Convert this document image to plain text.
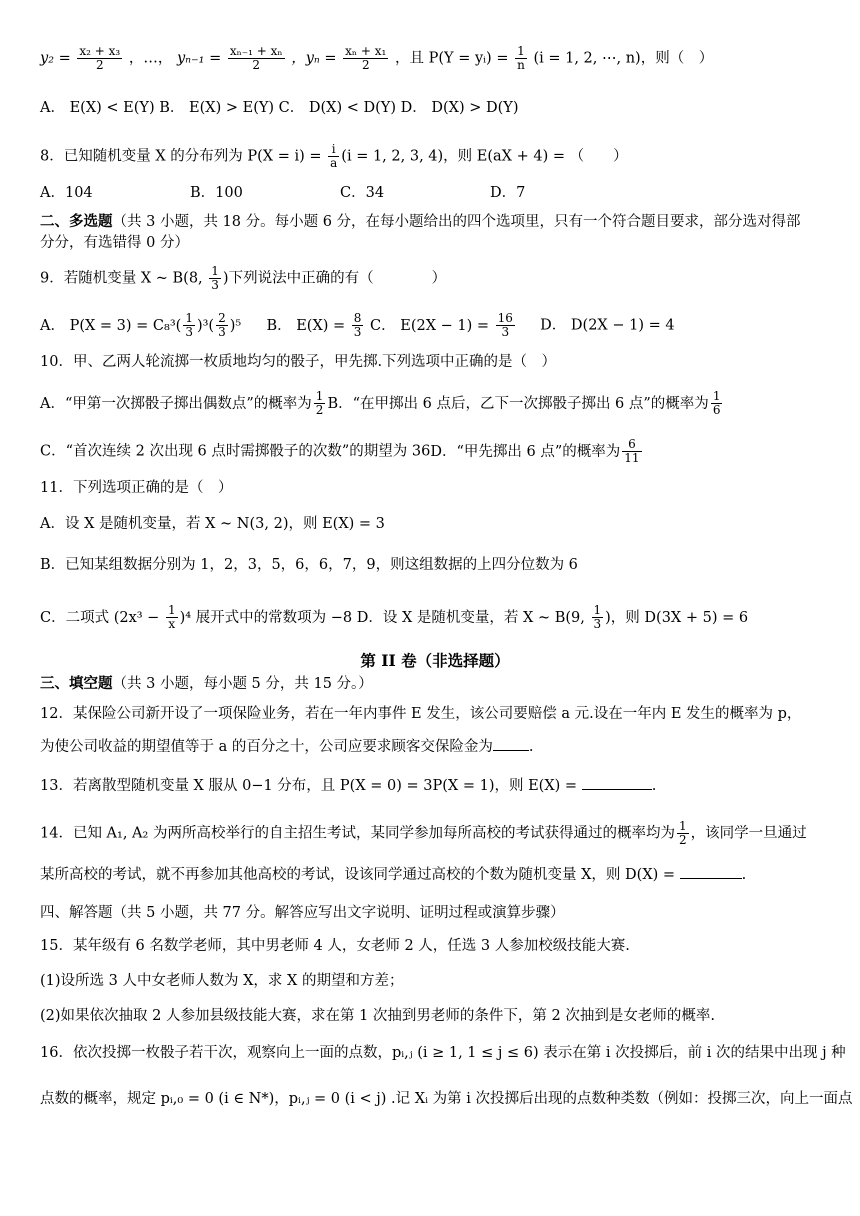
$y_2 = \frac{\text{x₂ + x₃}}{2}$ ，…， $y_{n-1} = \frac{\text{xₙ₋₁ + xₙ}}{2}$ ，$y_n = \frac{\text{xₙ + x₁}}{2}$ ，且 P(Y = yᵢ) = $\frac{1}{n} (i = 1$, 2, ⋯, n)，则（　）
A． E(X) < E(Y) B． E(X) > E(Y) C． D(X) < D(Y) D． D(X) > D(Y)
8．已知随机变量 X 的分布列为 $P(X = i) = \frac{i}{a} (i = 1$, 2, 3, 4)，则 E(aX + 4) = （　　）
A．104	B．100	C．34	D．7
二、多选题（共 3 小题，共 18 分。每小题 6 分，在每小题给出的四个选项里，只有一个符合题目要求，部分选对得部
分分，有选错得 0 分）
9．若随机变量 X ~ B(8, $\frac{1}{3}$ )下列说法中正确的有（　　　　）
A． $P(X = 3) = C_8^3( \frac{1}{3} )^3( \frac{2}{3} )^5$ B． $E(X) = \frac{8}{3}$ C． $E(2X - 1) = \frac{16}{3}$ D． D(2X − 1) = 4
10．甲、乙两人轮流掷一枚质地均匀的骰子，甲先掷.下列选项中正确的是（　）
A．“甲第一次掷骰子掷出偶数点”的概率为 $\frac{1}{2}$ B．“在甲掷出 6 点后，乙下一次掷骰子掷出 6 点”的概率为 $\frac{1}{6}$
C．“首次连续 2 次出现 6 点时需掷骰子的次数”的期望为 36D．“甲先掷出 6 点”的概率为 $\frac{6}{11}$
11．下列选项正确的是（　）
A．设 X 是随机变量，若 X ~ N(3, 2)，则 E(X) = 3
B．已知某组数据分别为 1，2，3，5，6，6，7，9，则这组数据的上四分位数为 6
C．二项式 $(2x^3 - \frac{1}{x} )^4$ 展开式中的常数项为 −8 D．设 X 是随机变量，若 X ~ B(9, $\frac{1}{3}$ )，则 D(3X + 5) = 6
第 II 卷（非选择题）
三、填空题（共 3 小题，每小题 5 分，共 15 分。）
12．某保险公司新开设了一项保险业务，若在一年内事件 E 发生，该公司要赔偿 a 元.设在一年内 E 发生的概率为 p，
为使公司收益的期望值等于 a 的百分之十，公司应要求顾客交保险金为 .
13．若离散型随机变量 X 服从 0−1 分布，且 P(X = 0) = 3P(X = 1)，则 E(X) =	.
14．已知 A₁, A₂ 为两所高校举行的自主招生考试，某同学参加每所高校的考试获得通过的概率均为 $\frac{1}{2}$ ，该同学一旦通过
某所高校的考试，就不再参加其他高校的考试，设该同学通过高校的个数为随机变量 X，则 D(X) =	.
四、解答题（共 5 小题，共 77 分。解答应写出文字说明、证明过程或演算步骤）
15．某年级有 6 名数学老师，其中男老师 4 人，女老师 2 人，任选 3 人参加校级技能大赛.
(1)设所选 3 人中女老师人数为 X，求 X 的期望和方差；
(2)如果依次抽取 2 人参加县级技能大赛，求在第 1 次抽到男老师的条件下，第 2 次抽到是女老师的概率.
16．依次投掷一枚骰子若干次，观察向上一面的点数，pᵢ,ⱼ (i ≥ 1, 1 ≤ j ≤ 6) 表示在第 i 次投掷后，前 i 次的结果中出现 j 种
点数的概率，规定 pᵢ,₀ = 0 (i ∈ N*)，pᵢ,ⱼ = 0 (i < j) .记 Xᵢ 为第 i 次投掷后出现的点数种类数（例如：投掷三次，向上一面点
